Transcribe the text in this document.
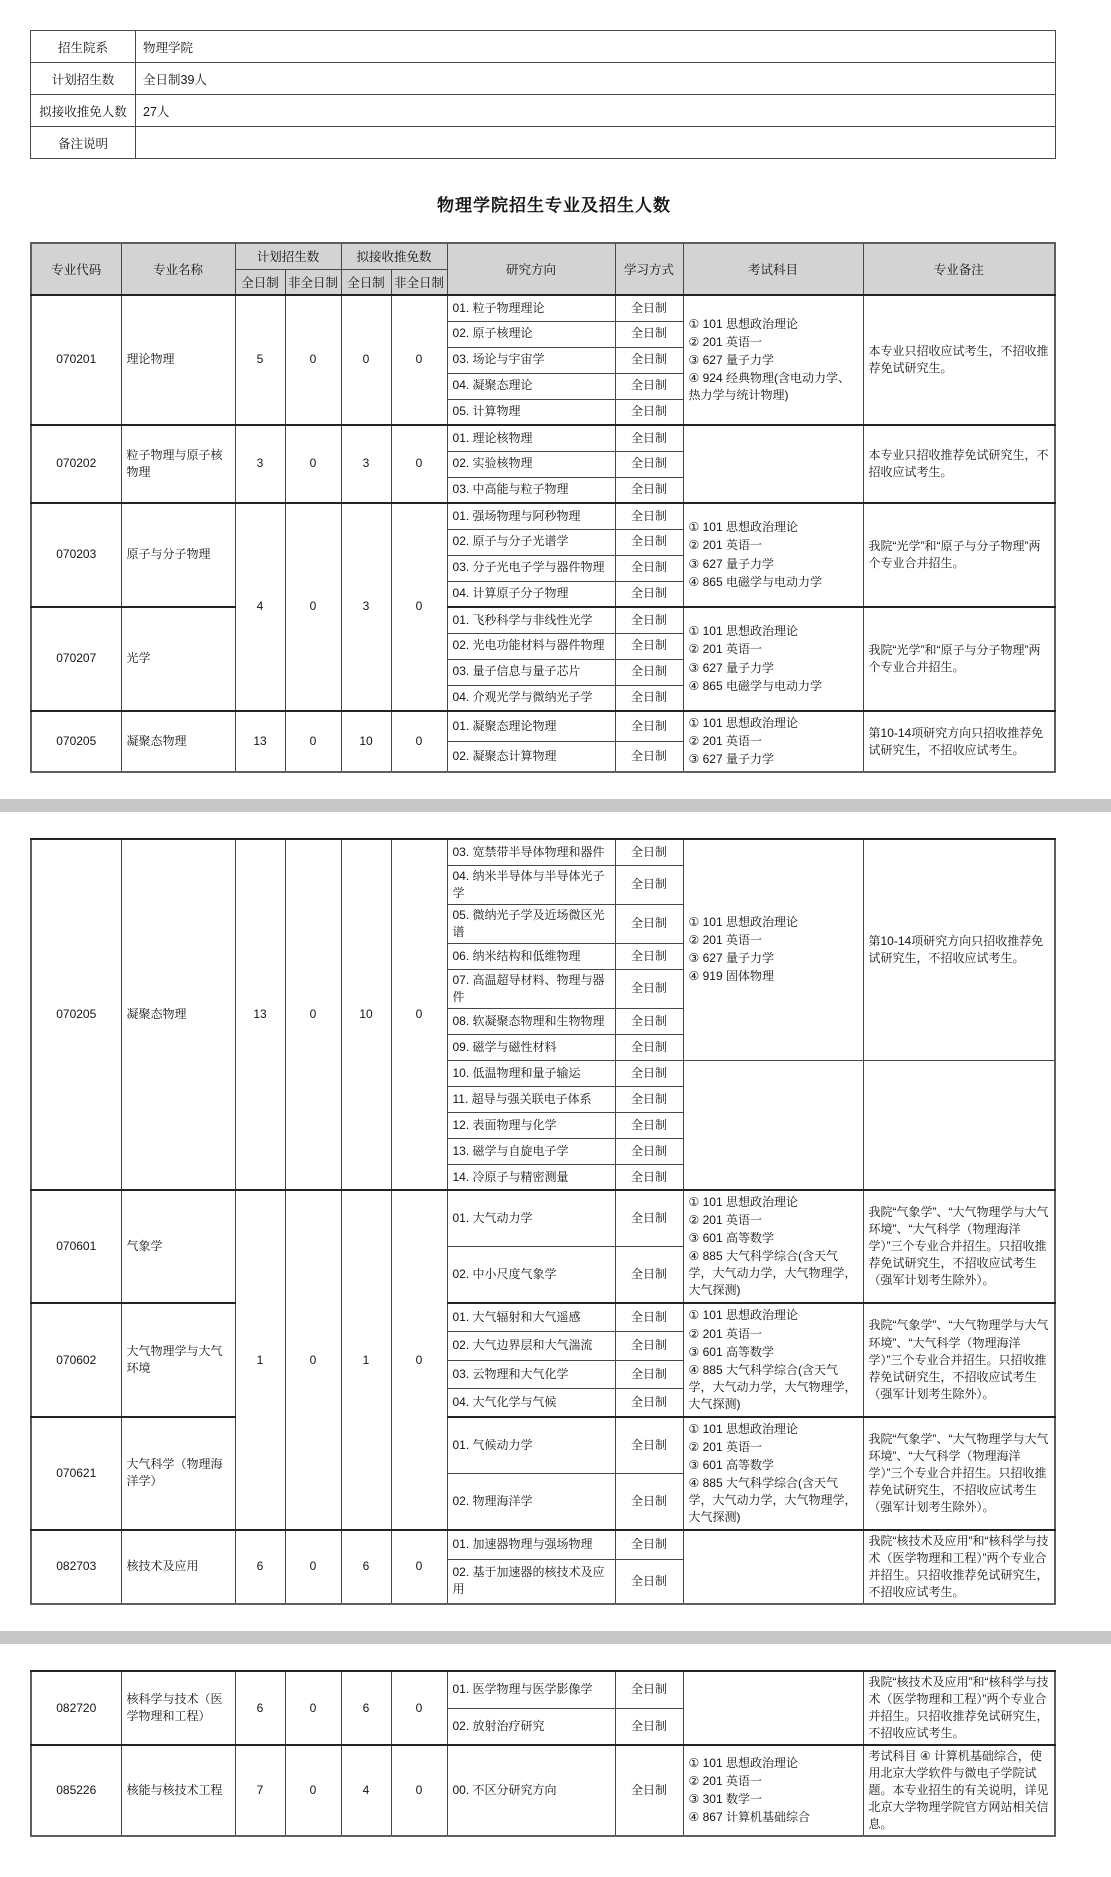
招生院系	物理学院
计划招生数	全日制39人
拟接收推免人数	27人
备注说明	
物理学院招生专业及招生人数
专业代码	专业名称	计划招生数		拟接收推免数		研究方向	学习方式	考试科目	专业备注
		全日制	非全日制	全日制	非全日制				
070201	理论物理	5	0	0	0	01. 粒子物理理论	全日制	① 101 思想政治理论
② 201 英语一
③ 627 量子力学
④ 924 经典物理(含电动力学、热力学与统计物理)	本专业只招收应试考生，不招收推荐免试研究生。
						02. 原子核理论	全日制		
						03. 场论与宇宙学	全日制		
						04. 凝聚态理论	全日制		
						05. 计算物理	全日制		
070202	粒子物理与原子核物理	3	0	3	0	01. 理论核物理	全日制		本专业只招收推荐免试研究生，不招收应试考生。
						02. 实验核物理	全日制		
						03. 中高能与粒子物理	全日制		
070203	原子与分子物理	4	0	3	0	01. 强场物理与阿秒物理	全日制	① 101 思想政治理论
② 201 英语一
③ 627 量子力学
④ 865 电磁学与电动力学	我院“光学”和“原子与分子物理”两个专业合并招生。
						02. 原子与分子光谱学	全日制		
						03. 分子光电子学与器件物理	全日制		
						04. 计算原子分子物理	全日制		
070207	光学					01. 飞秒科学与非线性光学	全日制	① 101 思想政治理论
② 201 英语一
③ 627 量子力学
④ 865 电磁学与电动力学	我院“光学”和“原子与分子物理”两个专业合并招生。
						02. 光电功能材料与器件物理	全日制		
						03. 量子信息与量子芯片	全日制		
						04. 介观光学与微纳光子学	全日制		
070205	凝聚态物理	13	0	10	0	01. 凝聚态理论物理	全日制	① 101 思想政治理论
② 201 英语一
③ 627 量子力学	第10-14项研究方向只招收推荐免试研究生，不招收应试考生。
						02. 凝聚态计算物理	全日制		
070205	凝聚态物理	13	0	10	0	03. 宽禁带半导体物理和器件	全日制	① 101 思想政治理论
② 201 英语一
③ 627 量子力学
④ 919 固体物理	第10-14项研究方向只招收推荐免试研究生，不招收应试考生。
						04. 纳米半导体与半导体光子学	全日制		
						05. 微纳光子学及近场微区光谱	全日制		
						06. 纳米结构和低维物理	全日制		
						07. 高温超导材料、物理与器件	全日制		
						08. 软凝聚态物理和生物物理	全日制		
						09. 磁学与磁性材料	全日制		
						10. 低温物理和量子输运	全日制		
						11. 超导与强关联电子体系	全日制		
						12. 表面物理与化学	全日制		
						13. 磁学与自旋电子学	全日制		
						14. 冷原子与精密测量	全日制		
070601	气象学	1	0	1	0	01. 大气动力学	全日制	① 101 思想政治理论
② 201 英语一
③ 601 高等数学
④ 885 大气科学综合(含天气学，大气动力学，大气物理学，大气探测)	我院“气象学”、“大气物理学与大气环境”、“大气科学（物理海洋学）”三个专业合并招生。只招收推荐免试研究生，不招收应试考生（强军计划考生除外）。
						02. 中小尺度气象学	全日制		
070602	大气物理学与大气环境					01. 大气辐射和大气遥感	全日制	① 101 思想政治理论
② 201 英语一
③ 601 高等数学
④ 885 大气科学综合(含天气学，大气动力学，大气物理学，大气探测)	我院“气象学”、“大气物理学与大气环境”、“大气科学（物理海洋学）”三个专业合并招生。只招收推荐免试研究生，不招收应试考生（强军计划考生除外）。
						02. 大气边界层和大气湍流	全日制		
						03. 云物理和大气化学	全日制		
						04. 大气化学与气候	全日制		
070621	大气科学（物理海洋学）					01. 气候动力学	全日制	① 101 思想政治理论
② 201 英语一
③ 601 高等数学
④ 885 大气科学综合(含天气学，大气动力学，大气物理学，大气探测)	我院“气象学”、“大气物理学与大气环境”、“大气科学（物理海洋学）”三个专业合并招生。只招收推荐免试研究生，不招收应试考生（强军计划考生除外）。
						02. 物理海洋学	全日制		
082703	核技术及应用	6	0	6	0	01. 加速器物理与强场物理	全日制		我院“核技术及应用”和“核科学与技术（医学物理和工程）”两个专业合并招生。只招收推荐免试研究生，不招收应试考生。
						02. 基于加速器的核技术及应用	全日制		
082720	核科学与技术（医学物理和工程）	6	0	6	0	01. 医学物理与医学影像学	全日制		我院“核技术及应用”和“核科学与技术（医学物理和工程）”两个专业合并招生。只招收推荐免试研究生，不招收应试考生。
						02. 放射治疗研究	全日制		
085226	核能与核技术工程	7	0	4	0	00. 不区分研究方向	全日制	① 101 思想政治理论
② 201 英语一
③ 301 数学一
④ 867 计算机基础综合	考试科目 ④ 计算机基础综合，使用北京大学软件与微电子学院试题。本专业招生的有关说明，详见北京大学物理学院官方网站相关信息。
